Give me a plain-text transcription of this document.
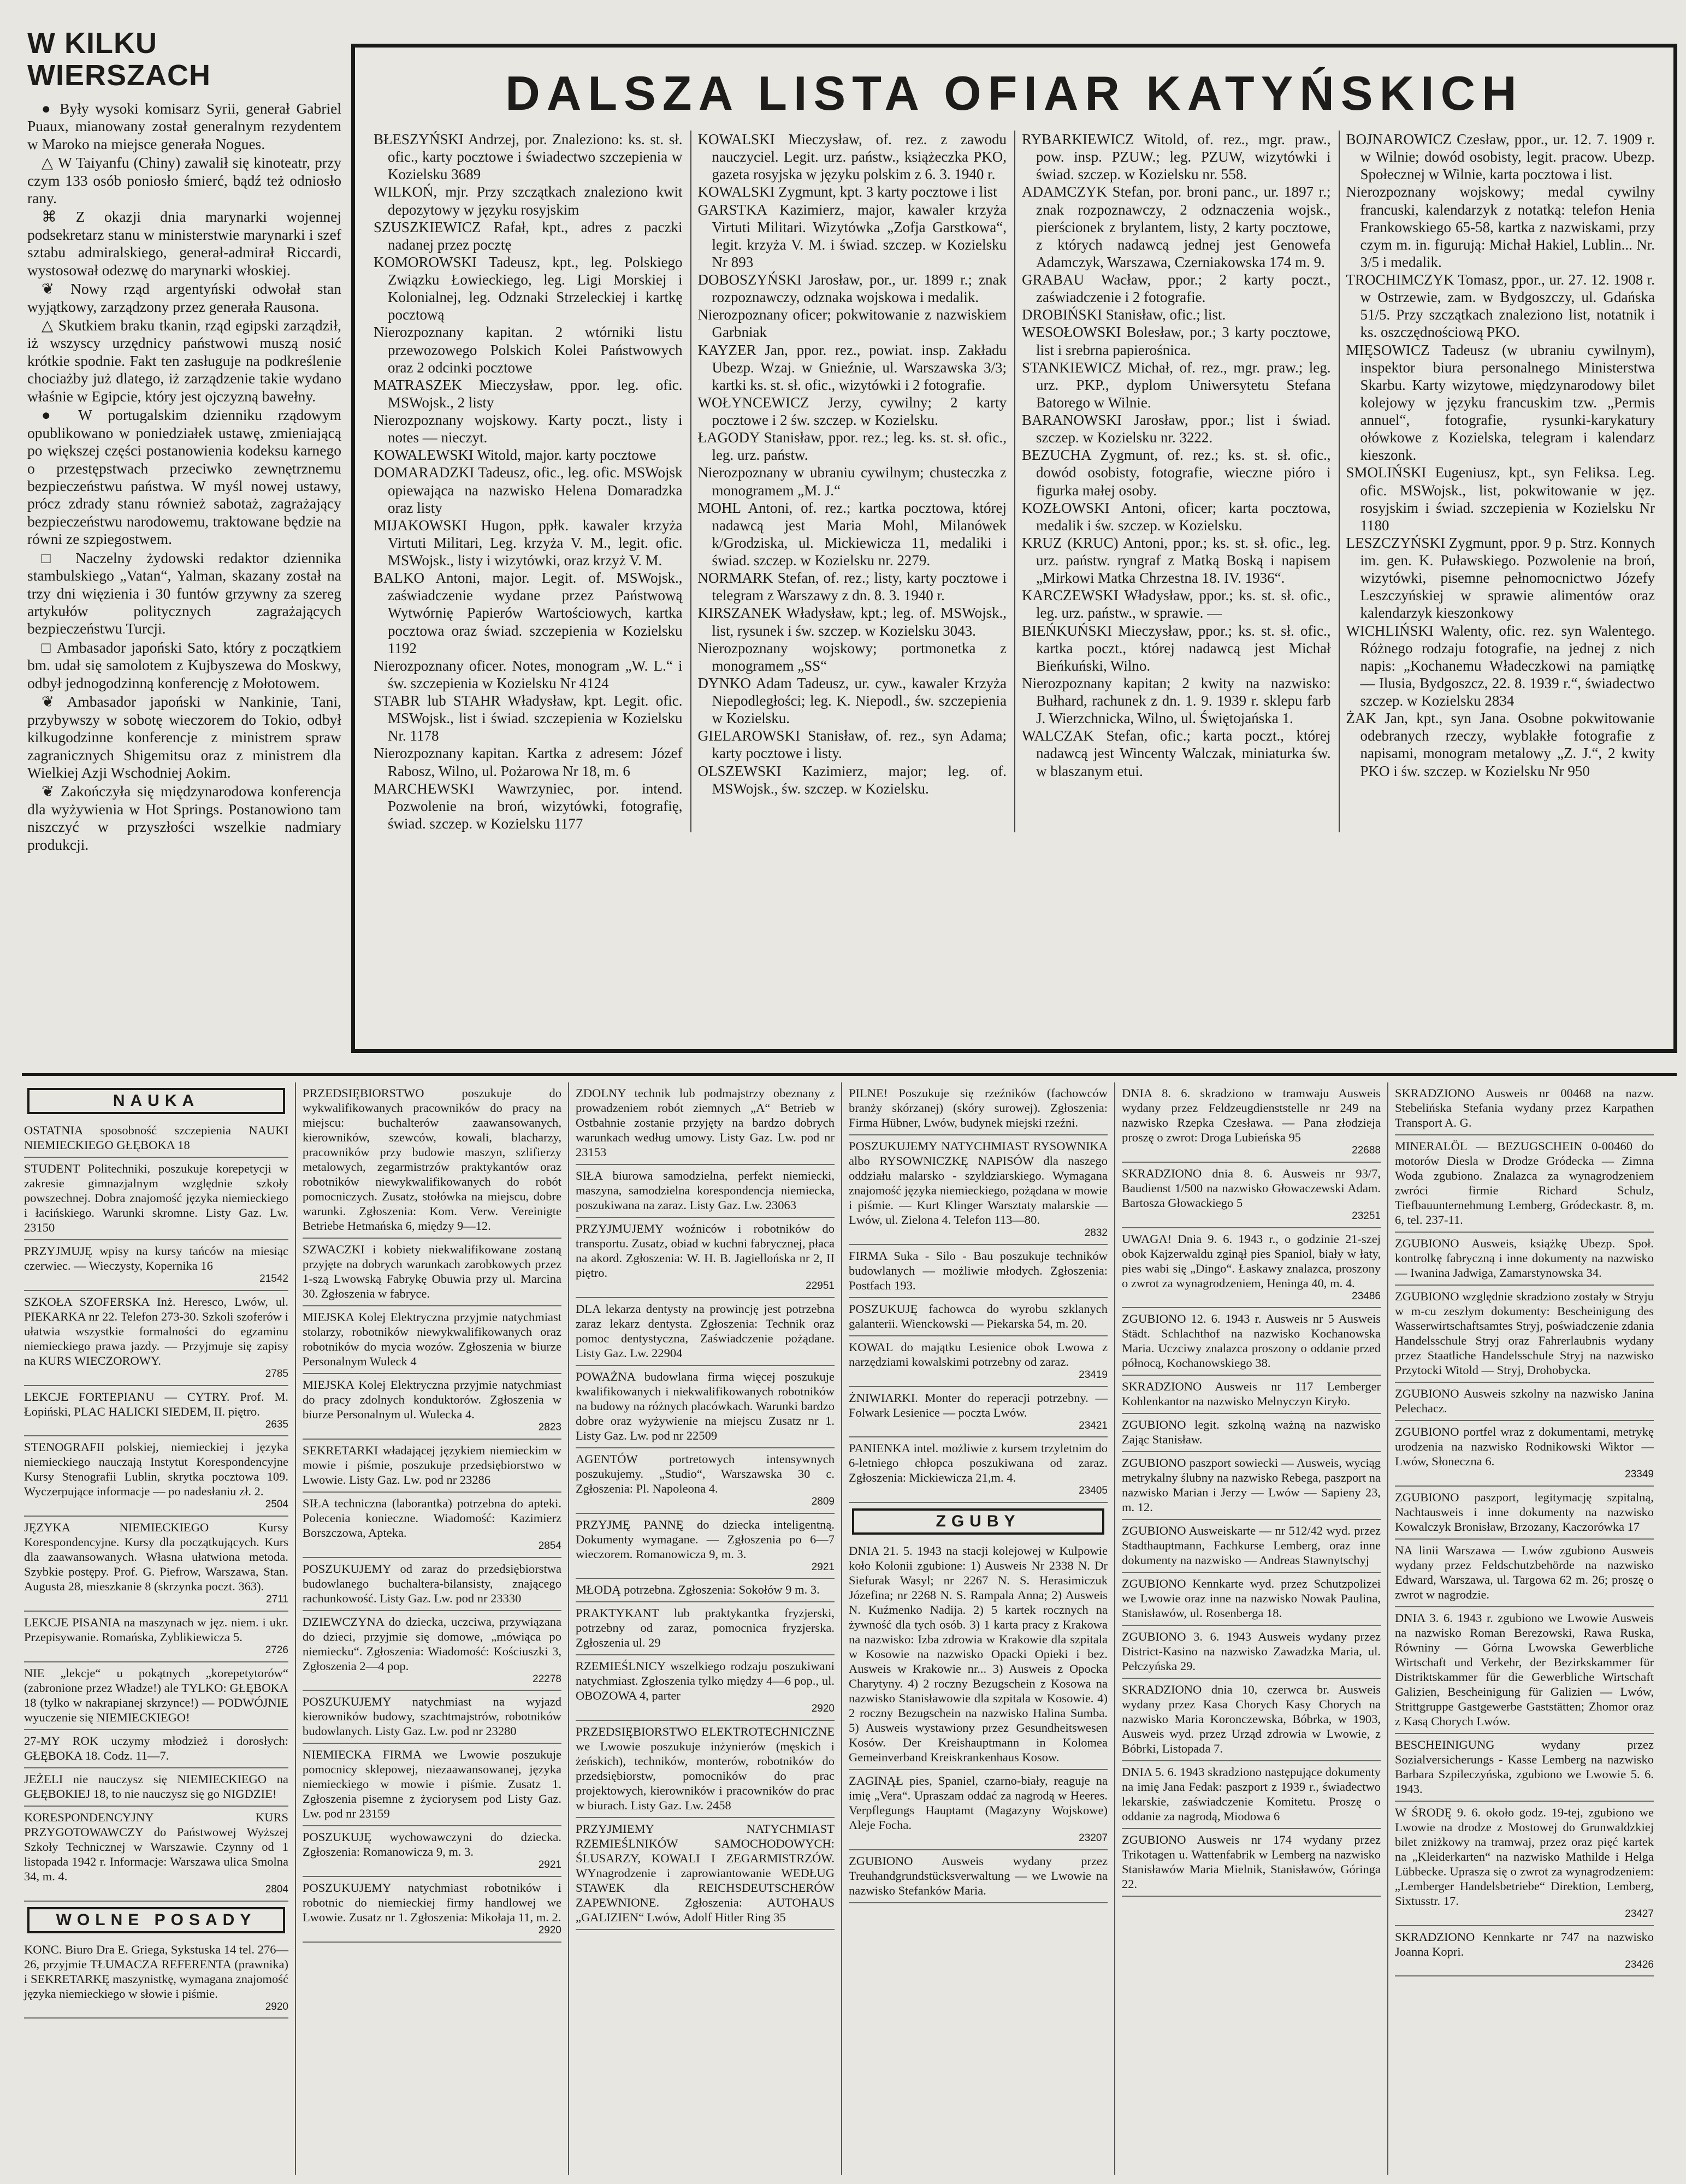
W KILKU WIERSZACH

● Były wysoki komisarz Syrii, generał Gabriel Puaux, mianowany został generalnym rezydentem w Maroko na miejsce generała Nogues.

△ W Taiyanfu (Chiny) zawalił się kinoteatr, przy czym 133 osób poniosło śmierć, bądź też odniosło rany.

⌘ Z okazji dnia marynarki wojennej podsekretarz stanu w ministerstwie marynarki i szef sztabu admiralskiego, generał-admirał Riccardi, wystosował odezwę do marynarki włoskiej.

❦ Nowy rząd argentyński odwołał stan wyjątkowy, zarządzony przez generała Rausona.

△ Skutkiem braku tkanin, rząd egipski zarządził, iż wszyscy urzędnicy państwowi muszą nosić krótkie spodnie. Fakt ten zasługuje na podkreślenie chociażby już dlatego, iż zarządzenie takie wydano właśnie w Egipcie, który jest ojczyzną bawełny.

● W portugalskim dzienniku rządowym opublikowano w poniedziałek ustawę, zmieniającą po większej części postanowienia kodeksu karnego o przestępstwach przeciwko zewnętrznemu bezpieczeństwu państwa. W myśl nowej ustawy, prócz zdrady stanu również sabotaż, zagrażający bezpieczeństwu narodowemu, traktowane będzie na równi ze szpiegostwem.

□ Naczelny żydowski redaktor dziennika stambulskiego „Vatan“, Yalman, skazany został na trzy dni więzienia i 30 funtów grzywny za szereg artykułów politycznych zagrażających bezpieczeństwu Turcji.

□ Ambasador japoński Sato, który z początkiem bm. udał się samolotem z Kujbyszewa do Moskwy, odbył jednogodzinną konferencję z Mołotowem.

❦ Ambasador japoński w Nankinie, Tani, przybywszy w sobotę wieczorem do Tokio, odbył kilkugodzinne konferencje z ministrem spraw zagranicznych Shigemitsu oraz z ministrem dla Wielkiej Azji Wschodniej Aokim.

❦ Zakończyła się międzynarodowa konferencja dla wyżywienia w Hot Springs. Postanowiono tam niszczyć w przyszłości wszelkie nadmiary produkcji.

DALSZA LISTA OFIAR KATYŃSKICH

BŁESZYŃSKI Andrzej, por. Znaleziono: ks. st. sł. ofic., karty pocztowe i świadectwo szczepienia w Kozielsku 3689

WILKOŃ, mjr. Przy szczątkach znaleziono kwit depozytowy w języku rosyjskim

SZUSZKIEWICZ Rafał, kpt., adres z paczki nadanej przez pocztę

KOMOROWSKI Tadeusz, kpt., leg. Polskiego Związku Łowieckiego, leg. Ligi Morskiej i Kolonialnej, leg. Odznaki Strzeleckiej i kartkę pocztową

Nierozpoznany kapitan. 2 wtórniki listu przewozowego Polskich Kolei Państwowych oraz 2 odcinki pocztowe

MATRASZEK Mieczysław, ppor. leg. ofic. MSWojsk., 2 listy

Nierozpoznany wojskowy. Karty poczt., listy i notes — nieczyt.

KOWALEWSKI Witold, major. karty pocztowe

DOMARADZKI Tadeusz, ofic., leg. ofic. MSWojsk opiewająca na nazwisko Helena Domaradzka oraz listy

MIJAKOWSKI Hugon, ppłk. kawaler krzyża Virtuti Militari, Leg. krzyża V. M., legit. ofic. MSWojsk., listy i wizytówki, oraz krzyż V. M.

BALKO Antoni, major. Legit. of. MSWojsk., zaświadczenie wydane przez Państwową Wytwórnię Papierów Wartościowych, kartka pocztowa oraz świad. szczepienia w Kozielsku 1192

Nierozpoznany oficer. Notes, monogram „W. L.“ i św. szczepienia w Kozielsku Nr 4124

STABR lub STAHR Władysław, kpt. Legit. ofic. MSWojsk., list i świad. szczepienia w Kozielsku Nr. 1178

Nierozpoznany kapitan. Kartka z adresem: Józef Rabosz, Wilno, ul. Pożarowa Nr 18, m. 6

MARCHEWSKI Wawrzyniec, por. intend. Pozwolenie na broń, wizytówki, fotografię, świad. szczep. w Kozielsku 1177

KOWALSKI Mieczysław, of. rez. z zawodu nauczyciel. Legit. urz. państw., książeczka PKO, gazeta rosyjska w języku polskim z 6. 3. 1940 r.

KOWALSKI Zygmunt, kpt. 3 karty pocztowe i list

GARSTKA Kazimierz, major, kawaler krzyża Virtuti Militari. Wizytówka „Zofja Garstkowa“, legit. krzyża V. M. i świad. szczep. w Kozielsku Nr 893

DOBOSZYŃSKI Jarosław, por., ur. 1899 r.; znak rozpoznawczy, odznaka wojskowa i medalik.

Nierozpoznany oficer; pokwitowanie z nazwiskiem Garbniak

KAYZER Jan, ppor. rez., powiat. insp. Zakładu Ubezp. Wzaj. w Gnieźnie, ul. Warszawska 3/3; kartki ks. st. sł. ofic., wizytówki i 2 fotografie.

WOŁYNCEWICZ Jerzy, cywilny; 2 karty pocztowe i 2 św. szczep. w Kozielsku.

ŁAGODY Stanisław, ppor. rez.; leg. ks. st. sł. ofic., leg. urz. państw.

Nierozpoznany w ubraniu cywilnym; chusteczka z monogramem „M. J.“

MOHL Antoni, of. rez.; kartka pocztowa, której nadawcą jest Maria Mohl, Milanówek k/Grodziska, ul. Mickiewicza 11, medaliki i świad. szczep. w Kozielsku nr. 2279.

NORMARK Stefan, of. rez.; listy, karty pocztowe i telegram z Warszawy z dn. 8. 3. 1940 r.

KIRSZANEK Władysław, kpt.; leg. of. MSWojsk., list, rysunek i św. szczep. w Kozielsku 3043.

Nierozpoznany wojskowy; portmonetka z monogramem „SS“

DYNKO Adam Tadeusz, ur. cyw., kawaler Krzyża Niepodległości; leg. K. Niepodl., św. szczepienia w Kozielsku.

GIELAROWSKI Stanisław, of. rez., syn Adama; karty pocztowe i listy.

OLSZEWSKI Kazimierz, major; leg. of. MSWojsk., św. szczep. w Kozielsku.

RYBARKIEWICZ Witold, of. rez., mgr. praw., pow. insp. PZUW.; leg. PZUW, wizytówki i świad. szczep. w Kozielsku nr. 558.

ADAMCZYK Stefan, por. broni panc., ur. 1897 r.; znak rozpoznawczy, 2 odznaczenia wojsk., pierścionek z brylantem, listy, 2 karty pocztowe, z których nadawcą jednej jest Genowefa Adamczyk, Warszawa, Czerniakowska 174 m. 9.

GRABAU Wacław, ppor.; 2 karty poczt., zaświadczenie i 2 fotografie.

DROBIŃSKI Stanisław, ofic.; list.

WESOŁOWSKI Bolesław, por.; 3 karty pocztowe, list i srebrna papierośnica.

STANKIEWICZ Michał, of. rez., mgr. praw.; leg. urz. PKP., dyplom Uniwersytetu Stefana Batorego w Wilnie.

BARANOWSKI Jarosław, ppor.; list i świad. szczep. w Kozielsku nr. 3222.

BEZUCHA Zygmunt, of. rez.; ks. st. sł. ofic., dowód osobisty, fotografie, wieczne pióro i figurka małej osoby.

KOZŁOWSKI Antoni, oficer; karta pocztowa, medalik i św. szczep. w Kozielsku.

KRUZ (KRUC) Antoni, ppor.; ks. st. sł. ofic., leg. urz. państw. ryngraf z Matką Boską i napisem „Mirkowi Matka Chrzestna 18. IV. 1936“.

KARCZEWSKI Władysław, ppor.; ks. st. sł. ofic., leg. urz. państw., w sprawie. —

BIEŃKUŃSKI Mieczysław, ppor.; ks. st. sł. ofic., kartka poczt., której nadawcą jest Michał Bieńkuński, Wilno.

Nierozpoznany kapitan; 2 kwity na nazwisko: Bułhard, rachunek z dn. 1. 9. 1939 r. sklepu farb J. Wierzchnicka, Wilno, ul. Świętojańska 1.

WALCZAK Stefan, ofic.; karta poczt., której nadawcą jest Wincenty Walczak, miniaturka św. w blaszanym etui.

BOJNAROWICZ Czesław, ppor., ur. 12. 7. 1909 r. w Wilnie; dowód osobisty, legit. pracow. Ubezp. Społecznej w Wilnie, karta pocztowa i list.

Nierozpoznany wojskowy; medal cywilny francuski, kalendarzyk z notatką: telefon Henia Frankowskiego 65-58, kartka z nazwiskami, przy czym m. in. figurują: Michał Hakiel, Lublin... Nr. 3/5 i medalik.

TROCHIMCZYK Tomasz, ppor., ur. 27. 12. 1908 r. w Ostrzewie, zam. w Bydgoszczy, ul. Gdańska 51/5. Przy szczątkach znaleziono list, notatnik i ks. oszczędnościową PKO.

MIĘSOWICZ Tadeusz (w ubraniu cywilnym), inspektor biura personalnego Ministerstwa Skarbu. Karty wizytowe, międzynarodowy bilet kolejowy w języku francuskim tzw. „Permis annuel“, fotografie, rysunki-karykatury ołówkowe z Kozielska, telegram i kalendarz kieszonk.

SMOLIŃSKI Eugeniusz, kpt., syn Feliksa. Leg. ofic. MSWojsk., list, pokwitowanie w jęz. rosyjskim i świad. szczepienia w Kozielsku Nr 1180

LESZCZYŃSKI Zygmunt, ppor. 9 p. Strz. Konnych im. gen. K. Puławskiego. Pozwolenie na broń, wizytówki, pisemne pełnomocnictwo Józefy Leszczyńskiej w sprawie alimentów oraz kalendarzyk kieszonkowy

WICHLIŃSKI Walenty, ofic. rez. syn Walentego. Różnego rodzaju fotografie, na jednej z nich napis: „Kochanemu Władeczkowi na pamiątkę — Ilusia, Bydgoszcz, 22. 8. 1939 r.“, świadectwo szczep. w Kozielsku 2834

ŻAK Jan, kpt., syn Jana. Osobne pokwitowanie odebranych rzeczy, wyblakłe fotografie z napisami, monogram metalowy „Z. J.“, 2 kwity PKO i św. szczep. w Kozielsku Nr 950

NAUKA
OSTATNIA sposobność szczepienia NAUKI NIEMIECKIEGO GŁĘBOKA 18
STUDENT Politechniki, poszukuje korepetycji w zakresie gimnazjalnym względnie szkoły powszechnej. Dobra znajomość języka niemieckiego i łacińskiego. Warunki skromne. Listy Gaz. Lw. 23150
PRZYJMUJĘ wpisy na kursy tańców na miesiąc czerwiec. — Wieczysty, Kopernika 16
21542
SZKOŁA SZOFERSKA Inż. Heresco, Lwów, ul. PIEKARKA nr 22. Telefon 273-30. Szkoli szoferów i ułatwia wszystkie formalności do egzaminu niemieckiego prawa jazdy. — Przyjmuje się zapisy na KURS WIECZOROWY.
2785
LEKCJE FORTEPIANU — CYTRY. Prof. M. Łopiński, PLAC HALICKI SIEDEM, II. piętro.
2635
STENOGRAFII polskiej, niemieckiej i języka niemieckiego nauczają Instytut Korespondencyjne Kursy Stenografii Lublin, skrytka pocztowa 109. Wyczerpujące informacje — po nadesłaniu zł. 2.
2504
JĘZYKA NIEMIECKIEGO Kursy Korespondencyjne. Kursy dla początkujących. Kurs dla zaawansowanych. Własna ułatwiona metoda. Szybkie postępy. Prof. G. Piefrow, Warszawa, Stan. Augusta 28, mieszkanie 8 (skrzynka poczt. 363).
2711
LEKCJE PISANIA na maszynach w jęz. niem. i ukr. Przepisywanie. Romańska, Zyblikiewicza 5.
2726
NIE „lekcje“ u pokątnych „korepetytorów“ (zabronione przez Władze!) ale TYLKO: GŁĘBOKA 18 (tylko w nakrapianej skrzynce!) — PODWÓJNIE wyuczenie się NIEMIECKIEGO!
27-MY ROK uczymy młodzież i dorosłych: GŁĘBOKA 18. Codz. 11—7.
JEŻELI nie nauczysz się NIEMIECKIEGO na GŁĘBOKIEJ 18, to nie nauczysz się go NIGDZIE!
KORESPONDENCYJNY KURS PRZYGOTOWAWCZY do Państwowej Wyższej Szkoły Technicznej w Warszawie. Czynny od 1 listopada 1942 r. Informacje: Warszawa ulica Smolna 34, m. 4.
2804
WOLNE POSADY
KONC. Biuro Dra E. Griega, Sykstuska 14 tel. 276—26, przyjmie TŁUMACZA REFERENTA (prawnika) i SEKRETARKĘ maszynistkę, wymagana znajomość języka niemieckiego w słowie i piśmie.
2920
PRZEDSIĘBIORSTWO poszukuje do wykwalifikowanych pracowników do pracy na miejscu: buchalterów zaawansowanych, kierowników, szewców, kowali, blacharzy, pracowników przy budowie maszyn, szlifierzy metalowych, zegarmistrzów praktykantów oraz robotników niewykwalifikowanych do robót pomocniczych. Zusatz, stołówka na miejscu, dobre warunki. Zgłoszenia: Kom. Verw. Vereinigte Betriebe Hetmańska 6, między 9—12.
SZWACZKI i kobiety niekwalifikowane zostaną przyjęte na dobrych warunkach zarobkowych przez 1-szą Lwowską Fabrykę Obuwia przy ul. Marcina 30. Zgłoszenia w fabryce.
MIEJSKA Kolej Elektryczna przyjmie natychmiast stolarzy, robotników niewykwalifikowanych oraz robotników do mycia wozów. Zgłoszenia w biurze Personalnym Wuleck 4
MIEJSKA Kolej Elektryczna przyjmie natychmiast do pracy zdolnych konduktorów. Zgłoszenia w biurze Personalnym ul. Wulecka 4.
2823
SEKRETARKI władającej językiem niemieckim w mowie i piśmie, poszukuje przedsiębiorstwo w Lwowie. Listy Gaz. Lw. pod nr 23286
SIŁA techniczna (laborantka) potrzebna do apteki. Polecenia konieczne. Wiadomość: Kazimierz Borszczowa, Apteka.
2854
POSZUKUJEMY od zaraz do przedsiębiorstwa budowlanego buchaltera-bilansisty, znającego rachunkowość. Listy Gaz. Lw. pod nr 23330
DZIEWCZYNA do dziecka, uczciwa, przywiązana do dzieci, przyjmie się domowe, „mówiąca po niemiecku“. Zgłoszenia: Wiadomość: Kościuszki 3, Zgłoszenia 2—4 pop.
22278
POSZUKUJEMY natychmiast na wyjazd kierowników budowy, szachtmajstrów, robotników budowlanych. Listy Gaz. Lw. pod nr 23280
NIEMIECKA FIRMA we Lwowie poszukuje pomocnicy sklepowej, niezaawansowanej, języka niemieckiego w mowie i piśmie. Zusatz 1. Zgłoszenia pisemne z życiorysem pod Listy Gaz. Lw. pod nr 23159
POSZUKUJĘ wychowawczyni do dziecka. Zgłoszenia: Romanowicza 9, m. 3.
2921
POSZUKUJEMY natychmiast robotników i robotnic do niemieckiej firmy handlowej we Lwowie. Zusatz nr 1. Zgłoszenia: Mikołaja 11, m. 2.
2920
ZDOLNY technik lub podmajstrzy obeznany z prowadzeniem robót ziemnych „A“ Betrieb w Ostbahnie zostanie przyjęty na bardzo dobrych warunkach według umowy. Listy Gaz. Lw. pod nr 23153
SIŁA biurowa samodzielna, perfekt niemiecki, maszyna, samodzielna korespondencja niemiecka, poszukiwana na zaraz. Listy Gaz. Lw. 23063
PRZYJMUJEMY woźniców i robotników do transportu. Zusatz, obiad w kuchni fabrycznej, płaca na akord. Zgłoszenia: W. H. B. Jagiellońska nr 2, II piętro.
22951
DLA lekarza dentysty na prowincję jest potrzebna zaraz lekarz dentysta. Zgłoszenia: Technik oraz pomoc dentystyczna, Zaświadczenie pożądane. Listy Gaz. Lw. 22904
POWAŻNA budowlana firma więcej poszukuje kwalifikowanych i niekwalifikowanych robotników na budowy na różnych placówkach. Warunki bardzo dobre oraz wyżywienie na miejscu Zusatz nr 1. Listy Gaz. Lw. pod nr 22509
AGENTÓW portretowych intensywnych poszukujemy. „Studio“, Warszawska 30 c. Zgłoszenia: Pl. Napoleona 4.
2809
PRZYJMĘ PANNĘ do dziecka inteligentną. Dokumenty wymagane. — Zgłoszenia po 6—7 wieczorem. Romanowicza 9, m. 3.
2921
MŁODĄ potrzebna. Zgłoszenia: Sokołów 9 m. 3.
PRAKTYKANT lub praktykantka fryzjerski, potrzebny od zaraz, pomocnica fryzjerska. Zgłoszenia ul. 29
RZEMIEŚLNICY wszelkiego rodzaju poszukiwani natychmiast. Zgłoszenia tylko między 4—6 pop., ul. OBOZOWA 4, parter
2920
PRZEDSIĘBIORSTWO ELEKTROTECHNICZNE we Lwowie poszukuje inżynierów (męskich i żeńskich), techników, monterów, robotników do przedsiębiorstw, pomocników do prac projektowych, kierowników i pracowników do prac w biurach. Listy Gaz. Lw. 2458
PRZYJMIEMY NATYCHMIAST RZEMIEŚLNIKÓW SAMOCHODOWYCH: ŚLUSARZY, KOWALI I ZEGARMISTRZÓW. WYnagrodzenie i zaprowiantowanie WEDŁUG STAWEK dla REICHSDEUTSCHERÓW ZAPEWNIONE. Zgłoszenia: AUTOHAUS „GALIZIEN“ Lwów, Adolf Hitler Ring 35
PILNE! Poszukuje się rzeźników (fachowców branży skórzanej) (skóry surowej). Zgłoszenia: Firma Hübner, Lwów, budynek miejski rzeźni.
POSZUKUJEMY NATYCHMIAST RYSOWNIKA albo RYSOWNICZKĘ NAPISÓW dla naszego oddziału malarsko - szyldziarskiego. Wymagana znajomość języka niemieckiego, pożądana w mowie i piśmie. — Kurt Klinger Warsztaty malarskie — Lwów, ul. Zielona 4. Telefon 113—80.
2832
FIRMA Suka - Silo - Bau poszukuje techników budowlanych — możliwie młodych. Zgłoszenia: Postfach 193.
POSZUKUJĘ fachowca do wyrobu szklanych galanterii. Wienckowski — Piekarska 54, m. 20.
KOWAL do majątku Lesienice obok Lwowa z narzędziami kowalskimi potrzebny od zaraz.
23419
ŻNIWIARKI. Monter do reperacji potrzebny. — Folwark Lesienice — poczta Lwów.
23421
PANIENKA intel. możliwie z kursem trzyletnim do 6-letniego chłopca poszukiwana od zaraz. Zgłoszenia: Mickiewicza 21,m. 4.
23405
ZGUBY
DNIA 21. 5. 1943 na stacji kolejowej w Kulpowie koło Kolonii zgubione: 1) Ausweis Nr 2338 N. Dr Siefurak Wasyl; nr 2267 N. S. Herasimiczuk Józefina; nr 2268 N. S. Rampala Anna; 2) Ausweis N. Kuźmenko Nadija. 2) 5 kartek rocznych na żywność dla tych osób. 3) 1 karta pracy z Krakowa na nazwisko: Izba zdrowia w Krakowie dla szpitala w Kosowie na nazwisko Opacki Opieki i bez. Ausweis w Krakowie nr... 3) Ausweis z Opocka Charytyny. 4) 2 roczny Bezugschein z Kosowa na nazwisko Stanisławowie dla szpitala w Kosowie. 4) 2 roczny Bezugschein na nazwisko Halina Sumba. 5) Ausweis wystawiony przez Gesundheitswesen Kosów. Der Kreishauptmann in Kolomea Gemeinverband Kreiskrankenhaus Kosow.
ZAGINĄŁ pies, Spaniel, czarno-biały, reaguje na imię „Vera“. Upraszam oddać za nagrodą w Heeres. Verpflegungs Hauptamt (Magazyny Wojskowe) Aleje Focha.
23207
ZGUBIONO Ausweis wydany przez Treuhandgrundstücksverwaltung — we Lwowie na nazwisko Stefanków Maria.
DNIA 8. 6. skradziono w tramwaju Ausweis wydany przez Feldzeugdienststelle nr 249 na nazwisko Rzepka Czesława. — Pana złodzieja proszę o zwrot: Droga Lubieńska 95
22688
SKRADZIONO dnia 8. 6. Ausweis nr 93/7, Baudienst 1/500 na nazwisko Głowaczewski Adam. Bartosza Głowackiego 5
23251
UWAGA! Dnia 9. 6. 1943 r., o godzinie 21-szej obok Kajzerwaldu zginął pies Spaniol, biały w łaty, pies wabi się „Dingo“. Łaskawy znalazca, proszony o zwrot za wynagrodzeniem, Heninga 40, m. 4.
23486
ZGUBIONO 12. 6. 1943 r. Ausweis nr 5 Ausweis Städt. Schlachthof na nazwisko Kochanowska Maria. Uczciwy znalazca proszony o oddanie przed północą, Kochanowskiego 38.
SKRADZIONO Ausweis nr 117 Lemberger Kohlenkantor na nazwisko Melnyczyn Kiryło.
ZGUBIONO legit. szkolną ważną na nazwisko Zając Stanisław.
ZGUBIONO paszport sowiecki — Ausweis, wyciąg metrykalny ślubny na nazwisko Rebega, paszport na nazwisko Marian i Jerzy — Lwów — Sapieny 23, m. 12.
ZGUBIONO Ausweiskarte — nr 512/42 wyd. przez Stadthauptmann, Fachkurse Lemberg, oraz inne dokumenty na nazwisko — Andreas Stawnytschyj
ZGUBIONO Kennkarte wyd. przez Schutzpolizei we Lwowie oraz inne na nazwisko Nowak Paulina, Stanisławów, ul. Rosenberga 18.
ZGUBIONO 3. 6. 1943 Ausweis wydany przez District-Kasino na nazwisko Zawadzka Maria, ul. Pełczyńska 29.
SKRADZIONO dnia 10, czerwca br. Ausweis wydany przez Kasa Chorych Kasy Chorych na nazwisko Maria Koronczewska, Bóbrka, w 1903, Ausweis wyd. przez Urząd zdrowia w Lwowie, z Bóbrki, Listopada 7.
DNIA 5. 6. 1943 skradziono następujące dokumenty na imię Jana Fedak: paszport z 1939 r., świadectwo lekarskie, zaświadczenie Komitetu. Proszę o oddanie za nagrodą, Miodowa 6
ZGUBIONO Ausweis nr 174 wydany przez Trikotagen u. Wattenfabrik w Lemberg na nazwisko Stanisławów Maria Mielnik, Stanisławów, Góringa 22.
SKRADZIONO Ausweis nr 00468 na nazw. Stebelińska Stefania wydany przez Karpathen Transport A. G.
MINERALÖL — BEZUGSCHEIN 0-00460 do motorów Diesla w Drodze Gródecka — Zimna Woda zgubiono. Znalazca za wynagrodzeniem zwróci firmie Richard Schulz, Tiefbauunternehmung Lemberg, Gródeckastr. 8, m. 6, tel. 237-11.
ZGUBIONO Ausweis, książkę Ubezp. Społ. kontrolkę fabryczną i inne dokumenty na nazwisko — Iwanina Jadwiga, Zamarstynowska 34.
ZGUBIONO względnie skradziono zostały w Stryju w m-cu zeszłym dokumenty: Bescheinigung des Wasserwirtschaftsamtes Stryj, poświadczenie zdania Handelsschule Stryj oraz Fahrerlaubnis wydany przez Staatliche Handelsschule Stryj na nazwisko Przytocki Witold — Stryj, Drohobycka.
ZGUBIONO Ausweis szkolny na nazwisko Janina Pelechacz.
ZGUBIONO portfel wraz z dokumentami, metrykę urodzenia na nazwisko Rodnikowski Wiktor — Lwów, Słoneczna 6.
23349
ZGUBIONO paszport, legitymację szpitalną, Nachtausweis i inne dokumenty na nazwisko Kowalczyk Bronisław, Brzozany, Kaczorówka 17
NA linii Warszawa — Lwów zgubiono Ausweis wydany przez Feldschutzbehörde na nazwisko Edward, Warszawa, ul. Targowa 62 m. 26; proszę o zwrot w nagrodzie.
DNIA 3. 6. 1943 r. zgubiono we Lwowie Ausweis na nazwisko Roman Berezowski, Rawa Ruska, Równiny — Górna Lwowska Gewerbliche Wirtschaft und Verkehr, der Bezirkskammer für Distriktskammer für die Gewerbliche Wirtschaft Galizien, Bescheinigung für Galizien — Lwów, Strittgruppe Gastgewerbe Gaststätten; Zhomor oraz z Kasą Chorych Lwów.
BESCHEINIGUNG wydany przez Sozialversicherungs - Kasse Lemberg na nazwisko Barbara Szpileczyńska, zgubiono we Lwowie 5. 6. 1943.
W ŚRODĘ 9. 6. około godz. 19-tej, zgubiono we Lwowie na drodze z Mostowej do Grunwaldzkiej bilet zniżkowy na tramwaj, przez oraz pięć kartek na „Kleiderkarten“ na nazwisko Mathilde i Helga Lübbecke. Uprasza się o zwrot za wynagrodzeniem: „Lemberger Handelsbetriebe“ Direktion, Lemberg, Sixtusstr. 17.
23427
SKRADZIONO Kennkarte nr 747 na nazwisko Joanna Kopri.
23426
